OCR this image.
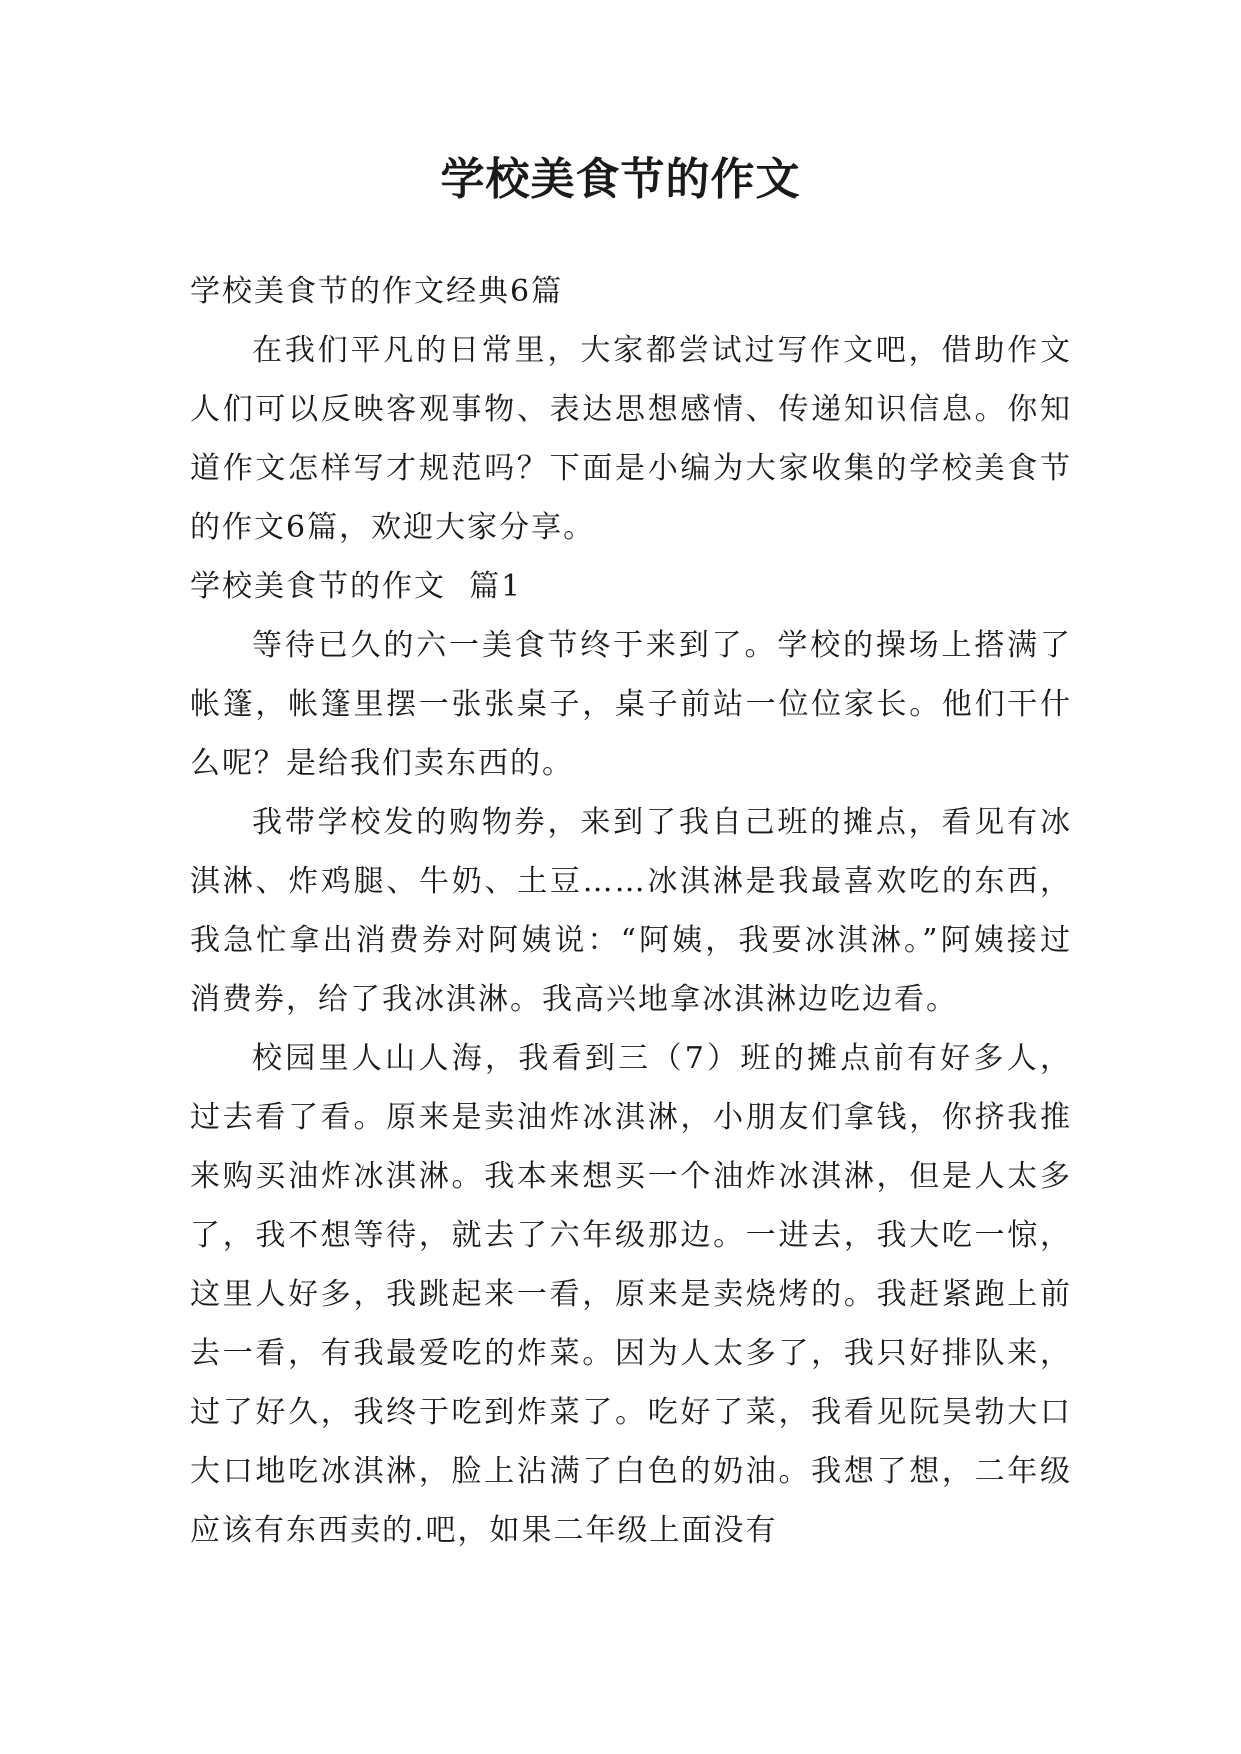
学校美食节的作文

学校美食节的作文经典6篇

在我们平凡的日常里，大家都尝试过写作文吧，借助作文人们可以反映客观事物、表达思想感情、传递知识信息。你知道作文怎样写才规范吗？下面是小编为大家收集的学校美食节的作文6篇，欢迎大家分享。

学校美食节的作文  篇1

等待已久的六一美食节终于来到了。学校的操场上搭满了帐篷，帐篷里摆一张张桌子，桌子前站一位位家长。他们干什么呢？是给我们卖东西的。

我带学校发的购物券，来到了我自己班的摊点，看见有冰淇淋、炸鸡腿、牛奶、土豆……冰淇淋是我最喜欢吃的东西，我急忙拿出消费券对阿姨说：“阿姨，我要冰淇淋。”阿姨接过消费券，给了我冰淇淋。我高兴地拿冰淇淋边吃边看。

校园里人山人海，我看到三（7）班的摊点前有好多人，过去看了看。原来是卖油炸冰淇淋，小朋友们拿钱，你挤我推来购买油炸冰淇淋。我本来想买一个油炸冰淇淋，但是人太多了，我不想等待，就去了六年级那边。一进去，我大吃一惊，这里人好多，我跳起来一看，原来是卖烧烤的。我赶紧跑上前去一看，有我最爱吃的炸菜。因为人太多了，我只好排队来，过了好久，我终于吃到炸菜了。吃好了菜，我看见阮昊勃大口大口地吃冰淇淋，脸上沾满了白色的奶油。我想了想，二年级应该有东西卖的.吧，如果二年级上面没有
